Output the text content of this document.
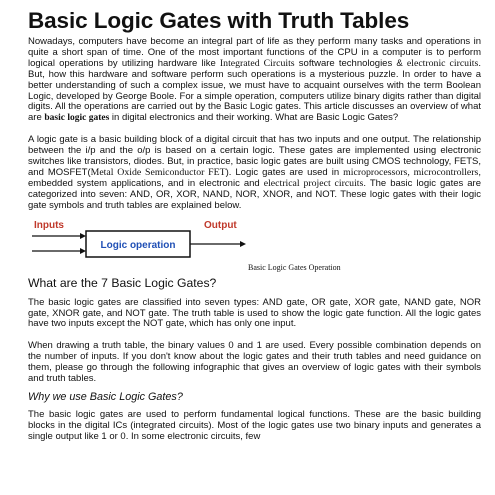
Basic Logic Gates with Truth Tables

Nowadays, computers have become an integral part of life as they perform many tasks and operations in quite a short span of time. One of the most important functions of the CPU in a computer is to perform logical operations by utilizing hardware like Integrated Circuits software technologies & electronic circuits. But, how this hardware and software perform such operations is a mysterious puzzle. In order to have a better understanding of such a complex issue, we must have to acquaint ourselves with the term Boolean Logic, developed by George Boole. For a simple operation, computers utilize binary digits rather than digital digits. All the operations are carried out by the Basic Logic gates. This article discusses an overview of what are basic logic gates in digital electronics and their working. What are Basic Logic Gates?

A logic gate is a basic building block of a digital circuit that has two inputs and one output. The relationship between the i/p and the o/p is based on a certain logic. These gates are implemented using electronic switches like transistors, diodes. But, in practice, basic logic gates are built using CMOS technology, FETS, and MOSFET(Metal Oxide Semiconductor FET). Logic gates are used in microprocessors, microcontrollers, embedded system applications, and in electronic and electrical project circuits. The basic logic gates are categorized into seven: AND, OR, XOR, NAND, NOR, XNOR, and NOT. These logic gates with their logic gate symbols and truth tables are explained below.

Inputs	Output
Logic operation
Basic Logic Gates Operation
What are the 7 Basic Logic Gates?

The basic logic gates are classified into seven types: AND gate, OR gate, XOR gate, NAND gate, NOR gate, XNOR gate, and NOT gate. The truth table is used to show the logic gate function. All the logic gates have two inputs except the NOT gate, which has only one input.

When drawing a truth table, the binary values 0 and 1 are used. Every possible combination depends on the number of inputs. If you don't know about the logic gates and their truth tables and need guidance on them, please go through the following infographic that gives an overview of logic gates with their symbols and truth tables.

Why we use Basic Logic Gates?

The basic logic gates are used to perform fundamental logical functions. These are the basic building blocks in the digital ICs (integrated circuits). Most of the logic gates use two binary inputs and generates a single output like 1 or 0. In some electronic circuits, few
